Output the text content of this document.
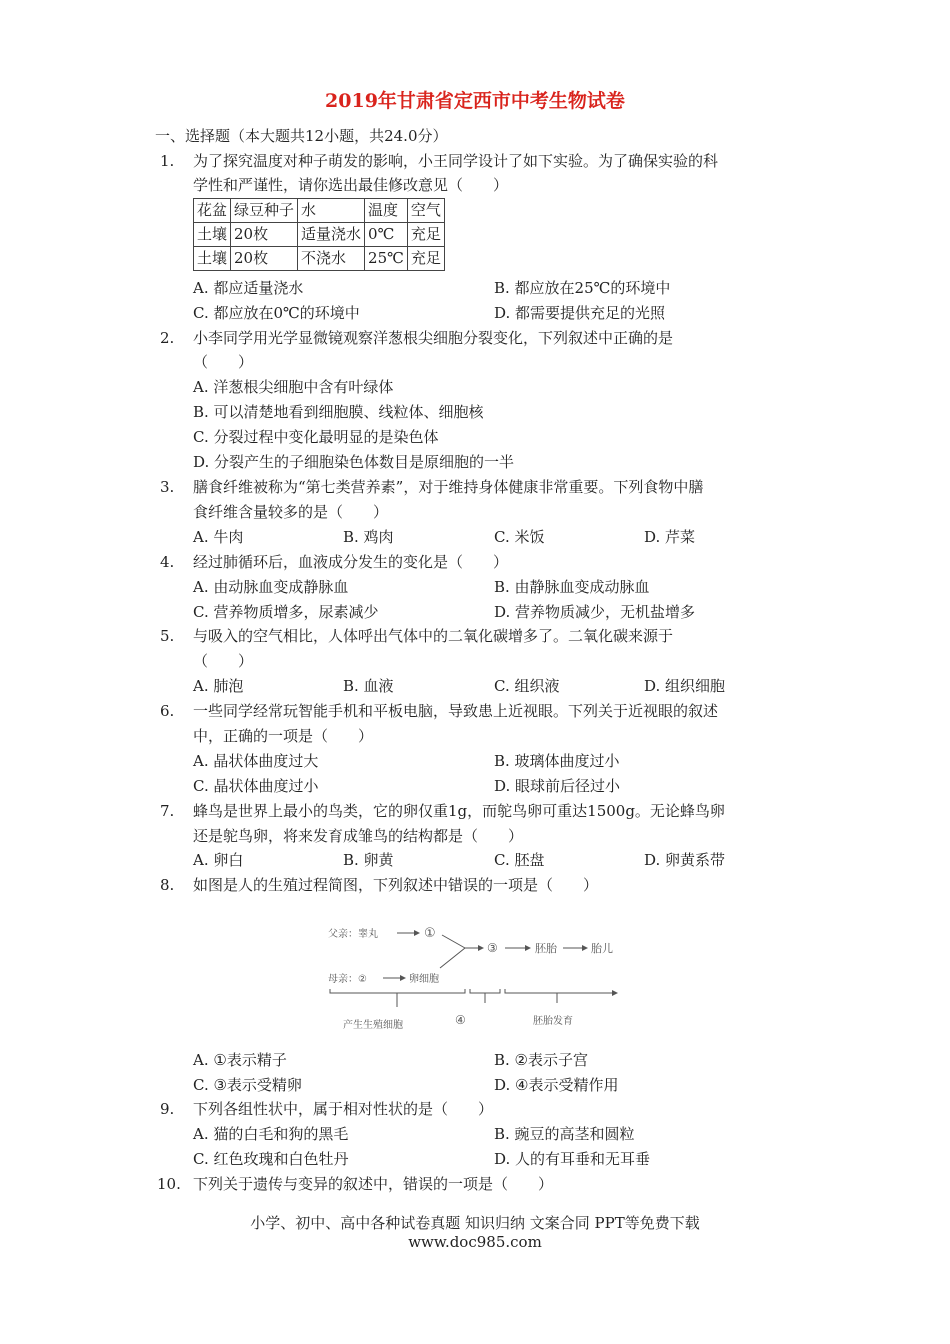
2019年甘肃省定西市中考生物试卷
一、选择题（本大题共12小题，共24.0分）
1. 为了探究温度对种子萌发的影响，小王同学设计了如下实验。为了确保实验的科
学性和严谨性，请你选出最佳修改意见（　　）
花盆	绿豆种子	水	温度	空气
土壤	20枚	适量浇水	0℃	充足
土壤	20枚	不浇水	25℃	充足
A. 都应适量浇水	B. 都应放在25℃的环境中
C. 都应放在0℃的环境中	D. 都需要提供充足的光照
2. 小李同学用光学显微镜观察洋葱根尖细胞分裂变化，下列叙述中正确的是
（　　）
A. 洋葱根尖细胞中含有叶绿体
B. 可以清楚地看到细胞膜、线粒体、细胞核
C. 分裂过程中变化最明显的是染色体
D. 分裂产生的子细胞染色体数目是原细胞的一半
3. 膳食纤维被称为“第七类营养素”，对于维持身体健康非常重要。下列食物中膳
食纤维含量较多的是（　　）
A. 牛肉	B. 鸡肉	C. 米饭	D. 芹菜
4. 经过肺循环后，血液成分发生的变化是（　　）
A. 由动脉血变成静脉血	B. 由静脉血变成动脉血
C. 营养物质增多，尿素减少	D. 营养物质减少，无机盐增多
5. 与吸入的空气相比，人体呼出气体中的二氧化碳增多了。二氧化碳来源于
（　　）
A. 肺泡	B. 血液	C. 组织液	D. 组织细胞
6. 一些同学经常玩智能手机和平板电脑，导致患上近视眼。下列关于近视眼的叙述
中，正确的一项是（　　）
A. 晶状体曲度过大	B. 玻璃体曲度过小
C. 晶状体曲度过小	D. 眼球前后径过小
7. 蜂鸟是世界上最小的鸟类，它的卵仅重1g，而鸵鸟卵可重达1500g。无论蜂鸟卵
还是鸵鸟卵，将来发育成雏鸟的结构都是（　　）
A. 卵白	B. 卵黄	C. 胚盘	D. 卵黄系带
8. 如图是人的生殖过程简图，下列叙述中错误的一项是（　　）
父亲：睾丸	①
③	胚胎	胎儿
母亲：②	卵细胞
产生生殖细胞	④	胚胎发育
A. ①表示精子	B. ②表示子宫
C. ③表示受精卵	D. ④表示受精作用
9. 下列各组性状中，属于相对性状的是（　　）
A. 猫的白毛和狗的黑毛	B. 豌豆的高茎和圆粒
C. 红色玫瑰和白色牡丹	D. 人的有耳垂和无耳垂
10. 下列关于遗传与变异的叙述中，错误的一项是（　　）
小学、初中、高中各种试卷真题 知识归纳 文案合同 PPT等免费下载
www.doc985.com
